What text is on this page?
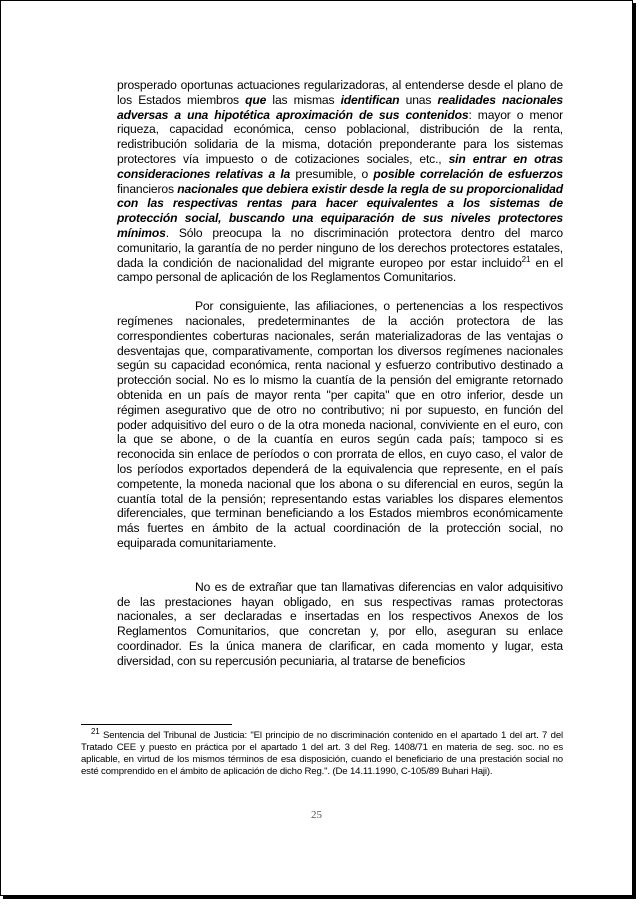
prosperado oportunas actuaciones regularizadoras, al entenderse desde el plano de los Estados miembros que las mismas identifican unas realidades nacionales adversas a una hipotética aproximación de sus contenidos: mayor o menor riqueza, capacidad económica, censo poblacional, distribución de la renta, redistribución solidaria de la misma, dotación preponderante para los sistemas protectores vía impuesto o de cotizaciones sociales, etc., sin entrar en otras consideraciones relativas a la presumible, o posible correlación de esfuerzos financieros nacionales que debiera existir desde la regla de su proporcionalidad con las respectivas rentas para hacer equivalentes a los sistemas de protección social, buscando una equiparación de sus niveles protectores mínimos. Sólo preocupa la no discriminación protectora dentro del marco comunitario, la garantía de no perder ninguno de los derechos protectores estatales, dada la condición de nacionalidad del migrante europeo por estar incluido$^{21}$ en el campo personal de aplicación de los Reglamentos Comunitarios.

Por consiguiente, las afiliaciones, o pertenencias a los respectivos regímenes nacionales, predeterminantes de la acción protectora de las correspondientes coberturas nacionales, serán materializadoras de las ventajas o desventajas que, comparativamente, comportan los diversos regímenes nacionales según su capacidad económica, renta nacional y esfuerzo contributivo destinado a protección social. No es lo mismo la cuantía de la pensión del emigrante retornado obtenida en un país de mayor renta "per capita" que en otro inferior, desde un régimen asegurativo que de otro no contributivo; ni por supuesto, en función del poder adquisitivo del euro o de la otra moneda nacional, conviviente en el euro, con la que se abone, o de la cuantía en euros según cada país; tampoco si es reconocida sin enlace de períodos o con prorrata de ellos, en cuyo caso, el valor de los períodos exportados dependerá de la equivalencia que represente, en el país competente, la moneda nacional que los abona o su diferencial en euros, según la cuantía total de la pensión; representando estas variables los dispares elementos diferenciales, que terminan beneficiando a los Estados miembros económicamente más fuertes en ámbito de la actual coordinación de la protección social, no equiparada comunitariamente.

No es de extrañar que tan llamativas diferencias en valor adquisitivo de las prestaciones hayan obligado, en sus respectivas ramas protectoras nacionales, a ser declaradas e insertadas en los respectivos Anexos de los Reglamentos Comunitarios, que concretan y, por ello, aseguran su enlace coordinador. Es la única manera de clarificar, en cada momento y lugar, esta diversidad, con su repercusión pecuniaria, al tratarse de beneficios

$^{21}$ Sentencia del Tribunal de Justicia: "El principio de no discriminación contenido en el apartado 1 del art. 7 del Tratado CEE y puesto en práctica por el apartado 1 del art. 3 del Reg. 1408/71 en materia de seg. soc. no es aplicable, en virtud de los mismos términos de esa disposición, cuando el beneficiario de una prestación social no esté comprendido en el ámbito de aplicación de dicho Reg.". (De 14.11.1990, C-105/89 Buhari Haji).
25
